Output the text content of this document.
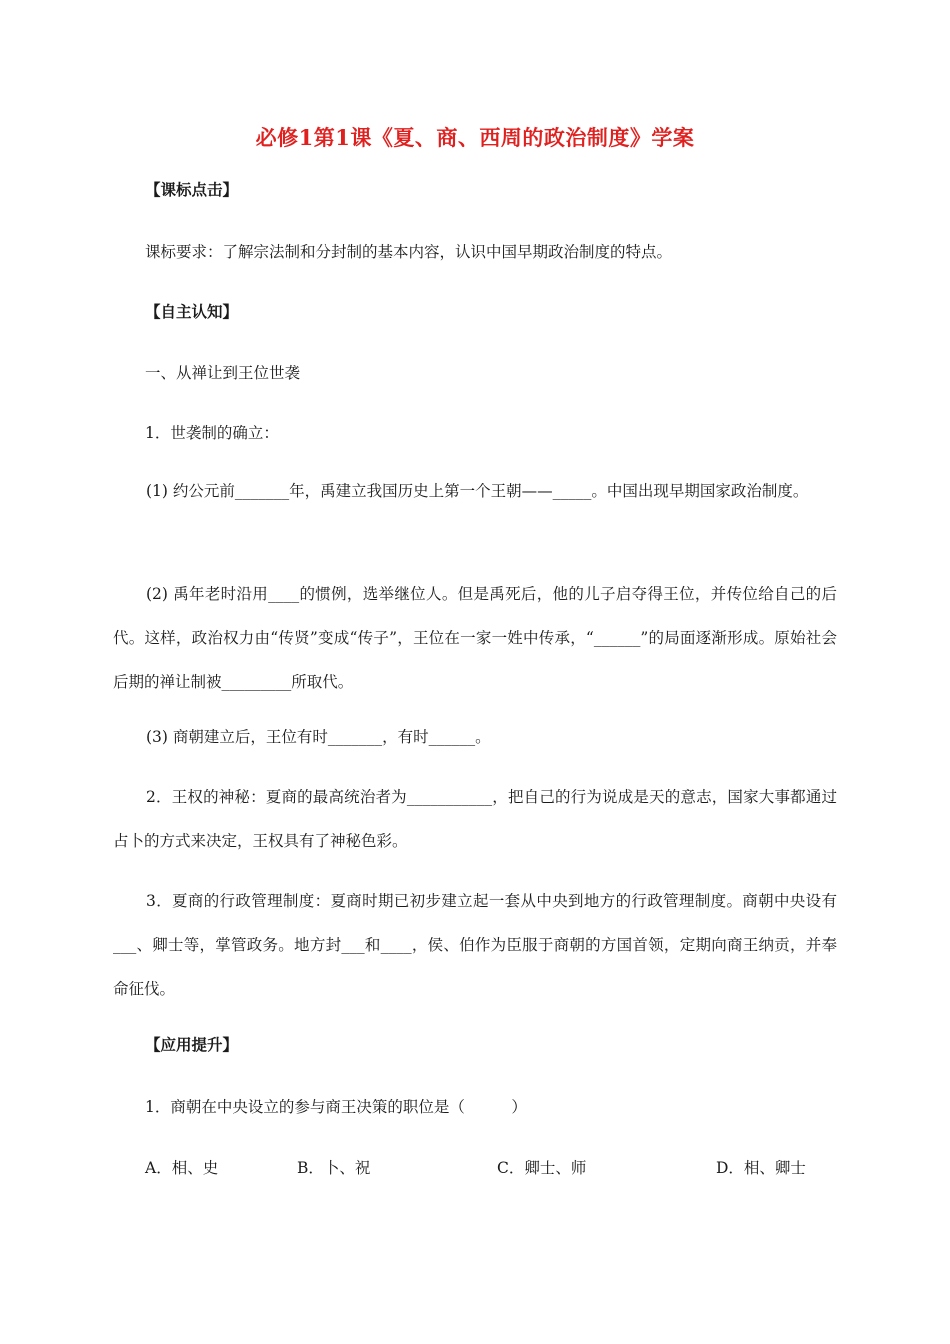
必修1第1课《夏、商、西周的政治制度》学案
【课标点击】
课标要求：了解宗法制和分封制的基本内容，认识中国早期政治制度的特点。
【自主认知】
一、从禅让到王位世袭
1．世袭制的确立：
(1) 约公元前_______年，禹建立我国历史上第一个王朝——_____。中国出现早期国家政治制度。
(2) 禹年老时沿用____的惯例，选举继位人。但是禹死后，他的儿子启夺得王位，并传位给自己的后代。这样，政治权力由“传贤”变成“传子”，王位在一家一姓中传承，“______”的局面逐渐形成。原始社会后期的禅让制被_________所取代。
(3) 商朝建立后，王位有时_______，有时______。
2．王权的神秘：夏商的最高统治者为___________，把自己的行为说成是天的意志，国家大事都通过占卜的方式来决定，王权具有了神秘色彩。
3．夏商的行政管理制度：夏商时期已初步建立起一套从中央到地方的行政管理制度。商朝中央设有___、卿士等，掌管政务。地方封___和____，侯、伯作为臣服于商朝的方国首领，定期向商王纳贡，并奉命征伐。
【应用提升】
1．商朝在中央设立的参与商王决策的职位是（　　　）
A．相、史	B．卜、祝	C．卿士、师	D．相、卿士
